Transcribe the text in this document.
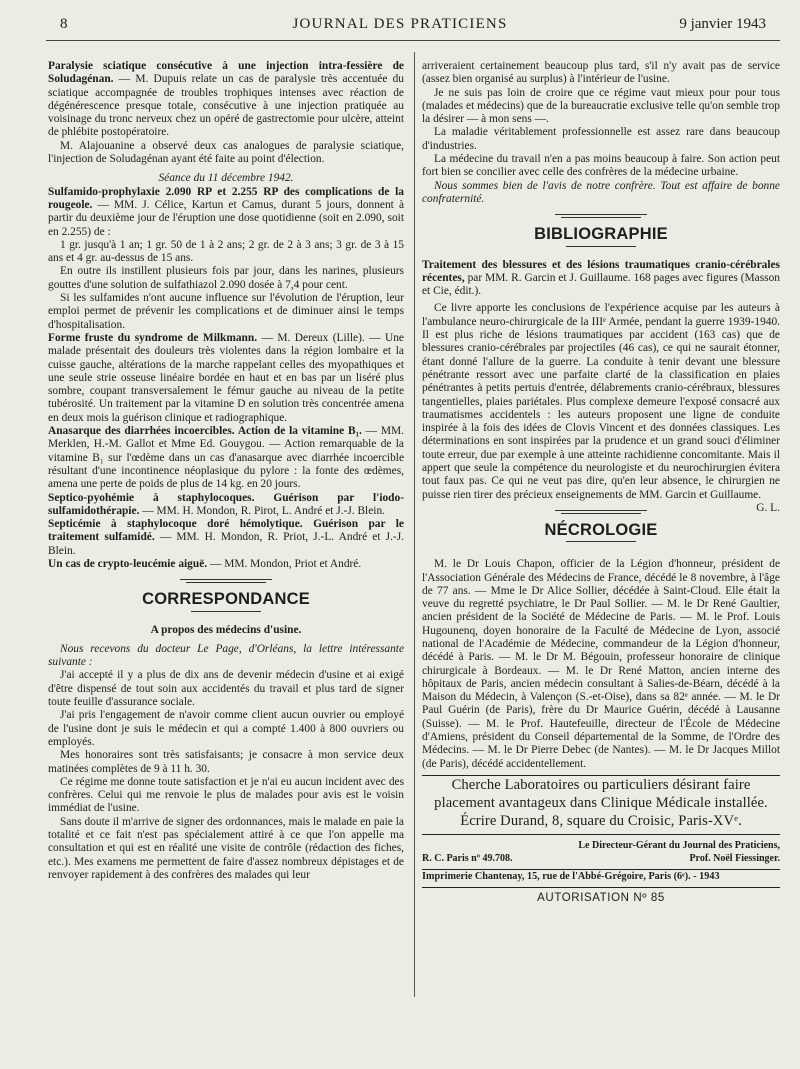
8	JOURNAL DES PRATICIENS	9 janvier 1943

Paralysie sciatique consécutive à une injection intra-fessière de Soludagénan. — M. Dupuis relate un cas de paralysie très accentuée du sciatique accompagnée de troubles trophiques intenses avec réaction de dégénérescence presque totale, consécutive à une injection pratiquée au voisinage du tronc nerveux chez un opéré de gastrectomie pour ulcère, atteint de phlébite postopératoire.

M. Alajouanine a observé deux cas analogues de paralysie sciatique, l'injection de Soludagénan ayant été faite au point d'élection.

Séance du 11 décembre 1942.

Sulfamido-prophylaxie 2.090 RP et 2.255 RP des complications de la rougeole. — MM. J. Célice, Kartun et Camus, durant 5 jours, donnent à partir du deuxième jour de l'éruption une dose quotidienne (soit en 2.090, soit en 2.255) de :

1 gr. jusqu'à 1 an; 1 gr. 50 de 1 à 2 ans; 2 gr. de 2 à 3 ans; 3 gr. de 3 à 15 ans et 4 gr. au-dessus de 15 ans.

En outre ils instillent plusieurs fois par jour, dans les narines, plusieurs gouttes d'une solution de sulfathiazol 2.090 dosée à 7,4 pour cent.

Si les sulfamides n'ont aucune influence sur l'évolution de l'éruption, leur emploi permet de prévenir les complications et de diminuer ainsi le temps d'hospitalisation.

Forme fruste du syndrome de Milkmann. — M. Dereux (Lille). — Une malade présentait des douleurs très violentes dans la région lombaire et la cuisse gauche, altérations de la marche rappelant celles des myopathiques et une seule strie osseuse linéaire bordée en haut et en bas par un liséré plus sombre, coupant transversalement le fémur gauche au niveau de la petite tubérosité. Un traitement par la vitamine D en solution très concentrée amena en deux mois la guérison clinique et radiographique.

Anasarque des diarrhées incoercibles. Action de la vitamine B₁. — MM. Merklen, H.-M. Gallot et Mme Ed. Gouygou. — Action remarquable de la vitamine B₁ sur l'œdème dans un cas d'anasarque avec diarrhée incoercible résultant d'une incontinence néoplasique du pylore : la fonte des œdèmes, amena une perte de poids de plus de 14 kg. en 20 jours.

Septico-pyohémie à staphylocoques. Guérison par l'iodo-sulfamidothérapie. — MM. H. Mondon, R. Pirot, L. André et J.-J. Blein.

Septicémie à staphylocoque doré hémolytique. Guérison par le traitement sulfamidé. — MM. H. Mondon, R. Priot, J.-L. André et J.-J. Blein.

Un cas de crypto-leucémie aiguë. — MM. Mondon, Priot et André.

CORRESPONDANCE

A propos des médecins d'usine.

Nous recevons du docteur Le Page, d'Orléans, la lettre intéressante suivante :

J'ai accepté il y a plus de dix ans de devenir médecin d'usine et ai exigé d'être dispensé de tout soin aux accidentés du travail et plus tard de signer toute feuille d'assurance sociale.

J'ai pris l'engagement de n'avoir comme client aucun ouvrier ou employé de l'usine dont je suis le médecin et qui a compté 1.400 à 800 ouvriers ou employés.

Mes honoraires sont très satisfaisants; je consacre à mon service deux matinées complètes de 9 à 11 h. 30.

Ce régime me donne toute satisfaction et je n'ai eu aucun incident avec des confrères. Celui qui me renvoie le plus de malades pour avis est le voisin immédiat de l'usine.

Sans doute il m'arrive de signer des ordonnances, mais le malade en paie la totalité et ce fait n'est pas spécialement attiré à ce que l'on appelle ma consultation et qui est en réalité une visite de contrôle (rédaction des fiches, etc.). Mes examens me permettent de faire d'assez nombreux dépistages et de renvoyer rapidement à des confrères des malades qui leur

arriveraient certainement beaucoup plus tard, s'il n'y avait pas de service (assez bien organisé au surplus) à l'intérieur de l'usine.

Je ne suis pas loin de croire que ce régime vaut mieux pour pour tous (malades et médecins) que de la bureaucratie exclusive telle qu'on semble trop la désirer — à mon sens —.

La maladie véritablement professionnelle est assez rare dans beaucoup d'industries.

La médecine du travail n'en a pas moins beaucoup à faire. Son action peut fort bien se concilier avec celle des confrères de la médecine urbaine.

Nous sommes bien de l'avis de notre confrère. Tout est affaire de bonne confraternité.

BIBLIOGRAPHIE

Traitement des blessures et des lésions traumatiques cranio-cérébrales récentes, par MM. R. Garcin et J. Guillaume. 168 pages avec figures (Masson et Cie, édit.).

Ce livre apporte les conclusions de l'expérience acquise par les auteurs à l'ambulance neuro-chirurgicale de la IIIᵉ Armée, pendant la guerre 1939-1940. Il est plus riche de lésions traumatiques par accident (163 cas) que de blessures cranio-cérébrales par projectiles (46 cas), ce qui ne saurait étonner, étant donné l'allure de la guerre. La conduite à tenir devant une blessure pénétrante ressort avec une parfaite clarté de la classification en plaies pénétrantes à petits pertuis d'entrée, délabrements cranio-cérébraux, blessures tangentielles, plaies pariétales. Plus complexe demeure l'exposé consacré aux traumatismes accidentels : les auteurs proposent une ligne de conduite inspirée à la fois des idées de Clovis Vincent et des données classiques. Les déterminations en sont inspirées par la prudence et un grand souci d'éliminer toute erreur, due par exemple à une atteinte rachidienne concomitante. Mais il appert que seule la compétence du neurologiste et du neurochirurgien évitera tout faux pas. Ce qui ne veut pas dire, qu'en leur absence, le chirurgien ne puisse rien tirer des précieux enseignements de MM. Garcin et Guillaume.
G. L.

NÉCROLOGIE

M. le Dr Louis Chapon, officier de la Légion d'honneur, président de l'Association Générale des Médecins de France, décédé le 8 novembre, à l'âge de 77 ans. — Mme le Dr Alice Sollier, décédée à Saint-Cloud. Elle était la veuve du regretté psychiatre, le Dr Paul Sollier. — M. le Dr René Gaultier, ancien président de la Société de Médecine de Paris. — M. le Prof. Louis Hugounenq, doyen honoraire de la Faculté de Médecine de Lyon, associé national de l'Académie de Médecine, commandeur de la Légion d'honneur, décédé à Paris. — M. le Dr M. Bégouin, professeur honoraire de clinique chirurgicale à Bordeaux. — M. le Dr René Matton, ancien interne des hôpitaux de Paris, ancien médecin consultant à Salies-de-Béarn, décédé à la Maison du Médecin, à Valençon (S.-et-Oise), dans sa 82ᵉ année. — M. le Dr Paul Guérin (de Paris), frère du Dr Maurice Guérin, décédé à Lausanne (Suisse). — M. le Prof. Hautefeuille, directeur de l'École de Médecine d'Amiens, président du Conseil départemental de la Somme, de l'Ordre des Médecins. — M. le Dr Pierre Debec (de Nantes). — M. le Dr Jacques Millot (de Paris), décédé accidentellement.

Cherche Laboratoires ou particuliers désirant faire
placement avantageux dans Clinique Médicale installée.
Écrire Durand, 8, square du Croisic, Paris-XVᵉ.
Le Directeur-Gérant du Journal des Praticiens,
R. C. Paris nº 49.708.	Prof. Noël Fiessinger.
Imprimerie Chantenay, 15, rue de l'Abbé-Grégoire, Paris (6ᵉ). - 1943
AUTORISATION Nº 85
